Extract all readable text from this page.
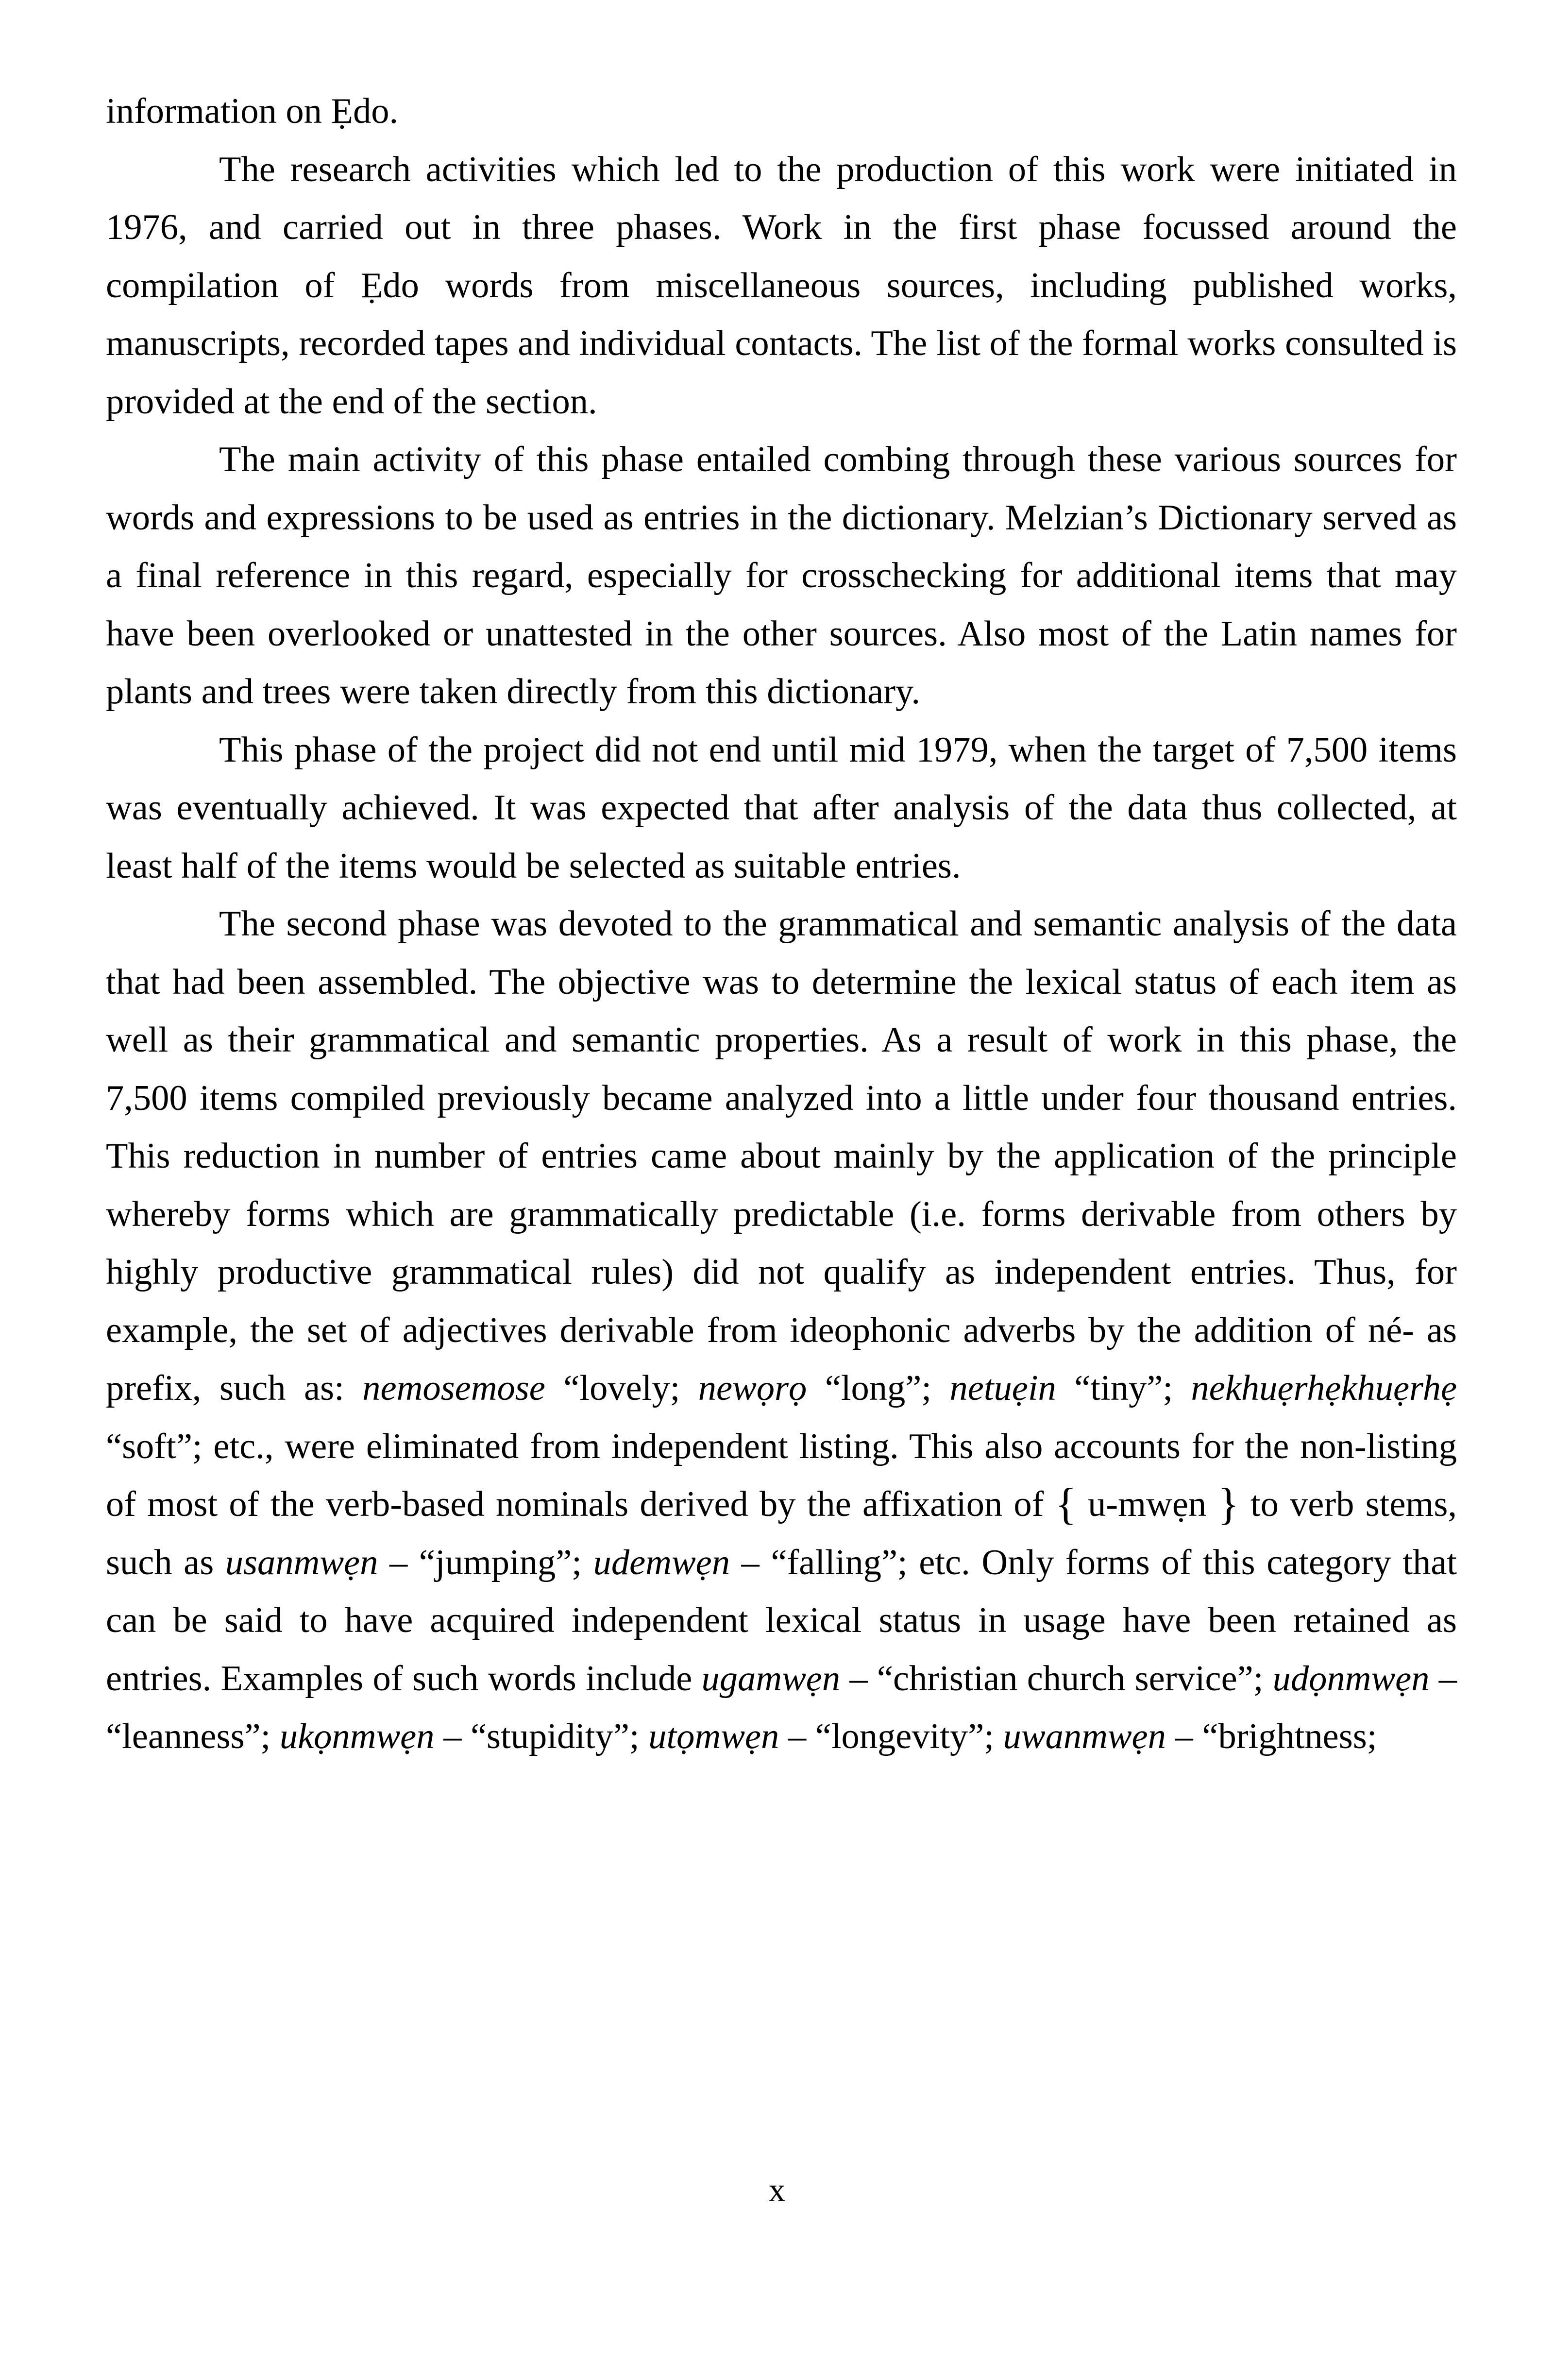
information on Ẹdo.

The research activities which led to the production of this work were initiated in 1976, and carried out in three phases. Work in the first phase focussed around the compilation of Ẹdo words from miscellaneous sources, including published works, manuscripts, recorded tapes and individual contacts. The list of the formal works consulted is provided at the end of the section.

The main activity of this phase entailed combing through these various sources for words and expressions to be used as entries in the dictionary. Melzian’s Dictionary served as a final reference in this regard, especially for crosschecking for additional items that may have been overlooked or unattested in the other sources. Also most of the Latin names for plants and trees were taken directly from this dictionary.

This phase of the project did not end until mid 1979, when the target of 7,500 items was eventually achieved. It was expected that after analysis of the data thus collected, at least half of the items would be selected as suitable entries.

The second phase was devoted to the grammatical and semantic analysis of the data that had been assembled. The objective was to determine the lexical status of each item as well as their grammatical and semantic properties. As a result of work in this phase, the 7,500 items compiled previously became analyzed into a little under four thousand entries. This reduction in number of entries came about mainly by the application of the principle whereby forms which are grammatically predictable (i.e. forms derivable from others by highly productive grammatical rules) did not qualify as independent entries. Thus, for example, the set of adjectives derivable from ideophonic adverbs by the addition of né- as prefix, such as: nemosemose “lovely; newọrọ “long”; netuẹin “tiny”; nekhuẹrhẹkhuẹrhẹ “soft”; etc., were eliminated from independent listing. This also accounts for the non-listing of most of the verb-based nominals derived by the affixation of { u-mwẹn } to verb stems, such as usanmwẹn – “jumping”; udemwẹn – “falling”; etc. Only forms of this category that can be said to have acquired independent lexical status in usage have been retained as entries. Examples of such words include ugamwẹn – “christian church service”; udọnmwẹn – “leanness”; ukọnmwẹn – “stupidity”; utọmwẹn – “longevity”; uwanmwẹn – “brightness;

x
